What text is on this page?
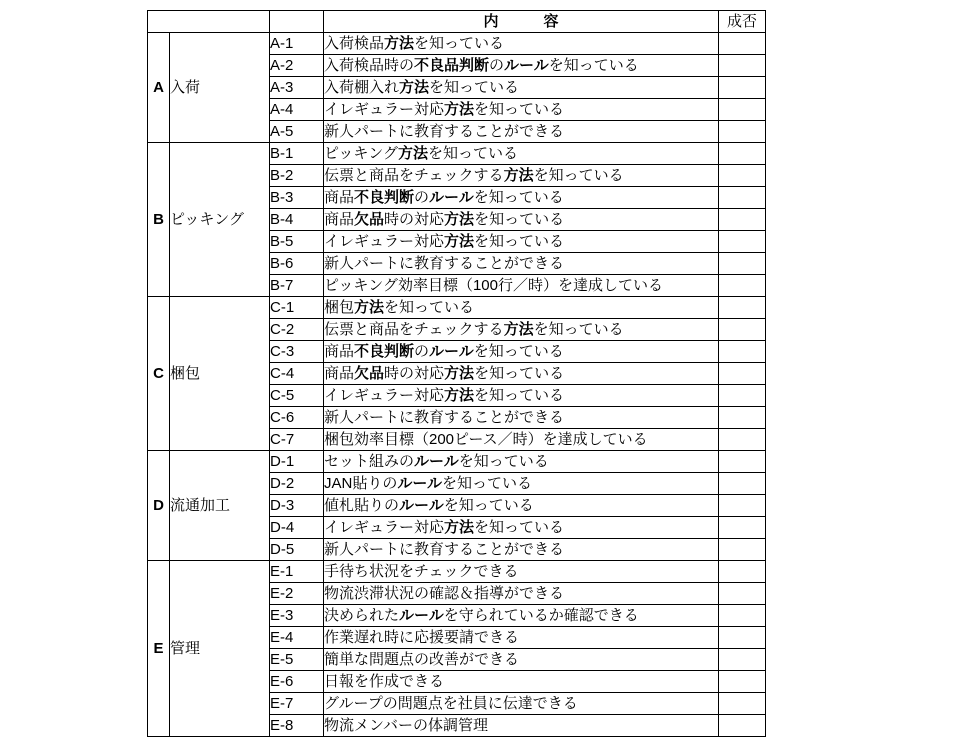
			内　　　容	成否
A	入荷	A-1	入荷検品方法を知っている	
		A-2	入荷検品時の不良品判断のルールを知っている	
		A-3	入荷棚入れ方法を知っている	
		A-4	イレギュラー対応方法を知っている	
		A-5	新人パートに教育することができる	
B	ピッキング	B-1	ピッキング方法を知っている	
		B-2	伝票と商品をチェックする方法を知っている	
		B-3	商品不良判断のルールを知っている	
		B-4	商品欠品時の対応方法を知っている	
		B-5	イレギュラー対応方法を知っている	
		B-6	新人パートに教育することができる	
		B-7	ピッキング効率目標（100行／時）を達成している	
C	梱包	C-1	梱包方法を知っている	
		C-2	伝票と商品をチェックする方法を知っている	
		C-3	商品不良判断のルールを知っている	
		C-4	商品欠品時の対応方法を知っている	
		C-5	イレギュラー対応方法を知っている	
		C-6	新人パートに教育することができる	
		C-7	梱包効率目標（200ピース／時）を達成している	
D	流通加工	D-1	セット組みのルールを知っている	
		D-2	JAN貼りのルールを知っている	
		D-3	値札貼りのルールを知っている	
		D-4	イレギュラー対応方法を知っている	
		D-5	新人パートに教育することができる	
E	管理	E-1	手待ち状況をチェックできる	
		E-2	物流渋滞状況の確認＆指導ができる	
		E-3	決められたルールを守られているか確認できる	
		E-4	作業遅れ時に応援要請できる	
		E-5	簡単な問題点の改善ができる	
		E-6	日報を作成できる	
		E-7	グループの問題点を社員に伝達できる	
		E-8	物流メンバーの体調管理	
